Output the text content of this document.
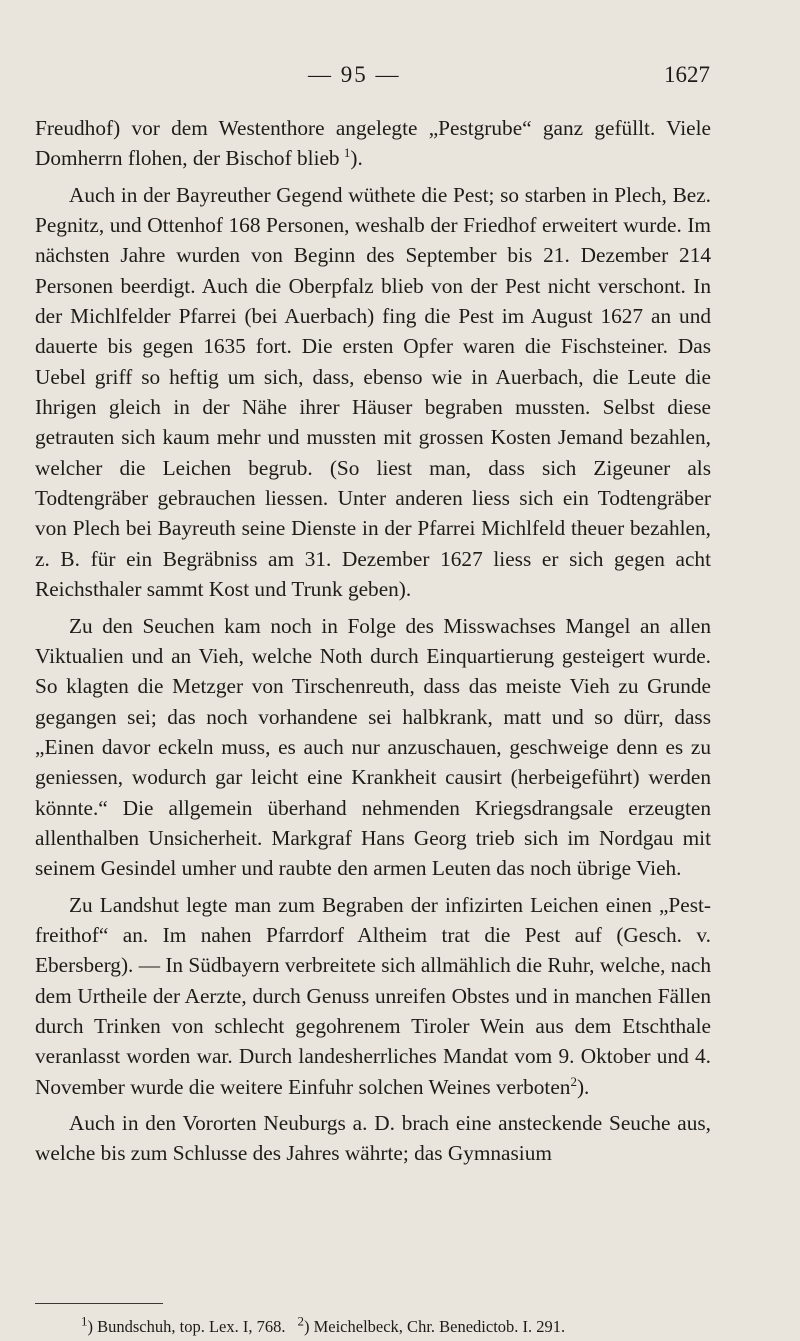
— 95 —	1627

Freudhof) vor dem Westenthore angelegte „Pestgrube“ ganz gefüllt. Viele Domherrn flohen, der Bischof blieb  $^1$).

Auch in der Bayreuther Gegend wüthete die Pest; so starben in Plech, Bez. Pegnitz, und Ottenhof 168 Personen, weshalb der Friedhof erweitert wurde. Im nächsten Jahre wurden von Beginn des September bis 21. Dezember 214 Personen beerdigt. Auch die Oberpfalz blieb von der Pest nicht verschont. In der Michlfelder Pfarrei (bei Auerbach) fing die Pest im August 1627 an und dauerte bis gegen 1635 fort. Die ersten Opfer waren die Fischsteiner. Das Uebel griff so heftig um sich, dass, ebenso wie in Auerbach, die Leute die Ihrigen gleich in der Nähe ihrer Häuser begraben mussten. Selbst diese getrauten sich kaum mehr und mussten mit grossen Kosten Jemand bezahlen, welcher die Leichen begrub. (So liest man, dass sich Zigeuner als Todtengräber gebrauchen liessen. Unter anderen liess sich ein Todtengräber von Plech bei Bayreuth seine Dienste in der Pfarrei Michlfeld theuer bezahlen, z. B. für ein Begräbniss am 31. Dezember 1627 liess er sich gegen acht Reichsthaler sammt Kost und Trunk geben).

Zu den Seuchen kam noch in Folge des Misswachses Mangel an allen Viktualien und an Vieh, welche Noth durch Einquartierung gesteigert wurde. So klagten die Metzger von Tirschenreuth, dass das meiste Vieh zu Grunde gegangen sei; das noch vorhandene sei halbkrank, matt und so dürr, dass „Einen davor eckeln muss, es auch nur anzuschauen, geschweige denn es zu geniessen, wodurch gar leicht eine Krankheit causirt (herbeigeführt) werden könnte.“ Die allgemein überhand nehmenden Kriegsdrangsale erzeugten allenthalben Unsicherheit. Markgraf Hans Georg trieb sich im Nordgau mit seinem Gesindel umher und raubte den armen Leuten das noch übrige Vieh.

Zu Landshut legte man zum Begraben der infizirten Leichen einen „Pestfreithof“ an. Im nahen Pfarrdorf Altheim trat die Pest auf (Gesch. v. Ebersberg). — In Südbayern verbreitete sich allmählich die Ruhr, welche, nach dem Urtheile der Aerzte, durch Genuss unreifen Obstes und in manchen Fällen durch Trinken von schlecht gegohrenem Tiroler Wein aus dem Etschthale veranlasst worden war. Durch landesherrliches Mandat vom 9. Oktober und 4. November wurde die weitere Einfuhr solchen Weines verboten$^2$).

Auch in den Vororten Neuburgs a. D. brach eine ansteckende Seuche aus, welche bis zum Schlusse des Jahres währte; das Gymnasium

$^1$) Bundschuh, top. Lex. I, 768. $^2$) Meichelbeck, Chr. Benedictob. I. 291.
